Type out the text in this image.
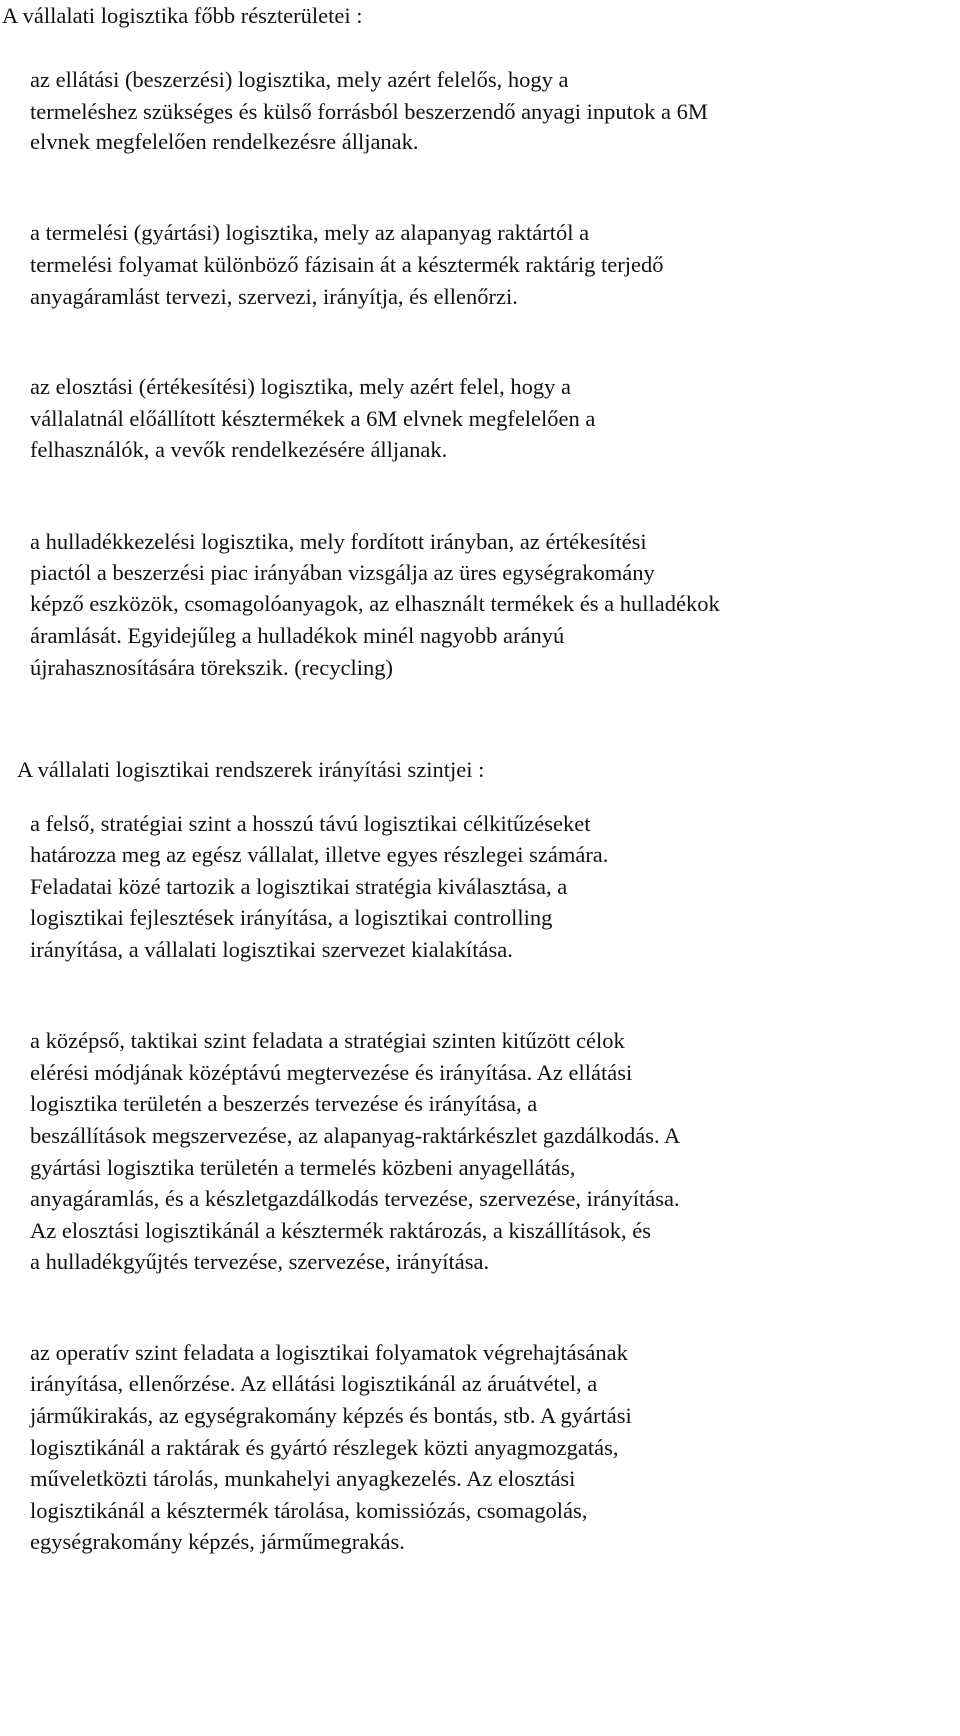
A vállalati logisztika főbb részterületei :
A vállalati logisztikai rendszerek irányítási szintjei :
az ellátási (beszerzési) logisztika, mely azért felelős, hogy a
termeléshez szükséges és külső forrásból beszerzendő anyagi inputok a 6M
elvnek megfelelően rendelkezésre álljanak.
a termelési (gyártási) logisztika, mely az alapanyag raktártól a
termelési folyamat különböző fázisain át a késztermék raktárig terjedő
anyagáramlást tervezi, szervezi, irányítja, és ellenőrzi.
az elosztási (értékesítési) logisztika, mely azért felel, hogy a
vállalatnál előállított késztermékek a 6M elvnek megfelelően a
felhasználók, a vevők rendelkezésére álljanak.
a hulladékkezelési logisztika, mely fordított irányban, az értékesítési
piactól a beszerzési piac irányában vizsgálja az üres egységrakomány
képző eszközök, csomagolóanyagok, az elhasznált termékek és a hulladékok
áramlását. Egyidejűleg a hulladékok minél nagyobb arányú
újrahasznosítására törekszik. (recycling)
a felső, stratégiai szint a hosszú távú logisztikai célkitűzéseket
határozza meg az egész vállalat, illetve egyes részlegei számára.
Feladatai közé tartozik a logisztikai stratégia kiválasztása, a
logisztikai fejlesztések irányítása, a logisztikai controlling
irányítása, a vállalati logisztikai szervezet kialakítása.
a középső, taktikai szint feladata a stratégiai szinten kitűzött célok
elérési módjának középtávú megtervezése és irányítása. Az ellátási
logisztika területén a beszerzés tervezése és irányítása, a
beszállítások megszervezése, az alapanyag-raktárkészlet gazdálkodás. A
gyártási logisztika területén a termelés közbeni anyagellátás,
anyagáramlás, és a készletgazdálkodás tervezése, szervezése, irányítása.
Az elosztási logisztikánál a késztermék raktározás, a kiszállítások, és
a hulladékgyűjtés tervezése, szervezése, irányítása.
az operatív szint feladata a logisztikai folyamatok végrehajtásának
irányítása, ellenőrzése. Az ellátási logisztikánál az áruátvétel, a
járműkirakás, az egységrakomány képzés és bontás, stb. A gyártási
logisztikánál a raktárak és gyártó részlegek közti anyagmozgatás,
műveletközti tárolás, munkahelyi anyagkezelés. Az elosztási
logisztikánál a késztermék tárolása, komissiózás, csomagolás,
egységrakomány képzés, járműmegrakás.
